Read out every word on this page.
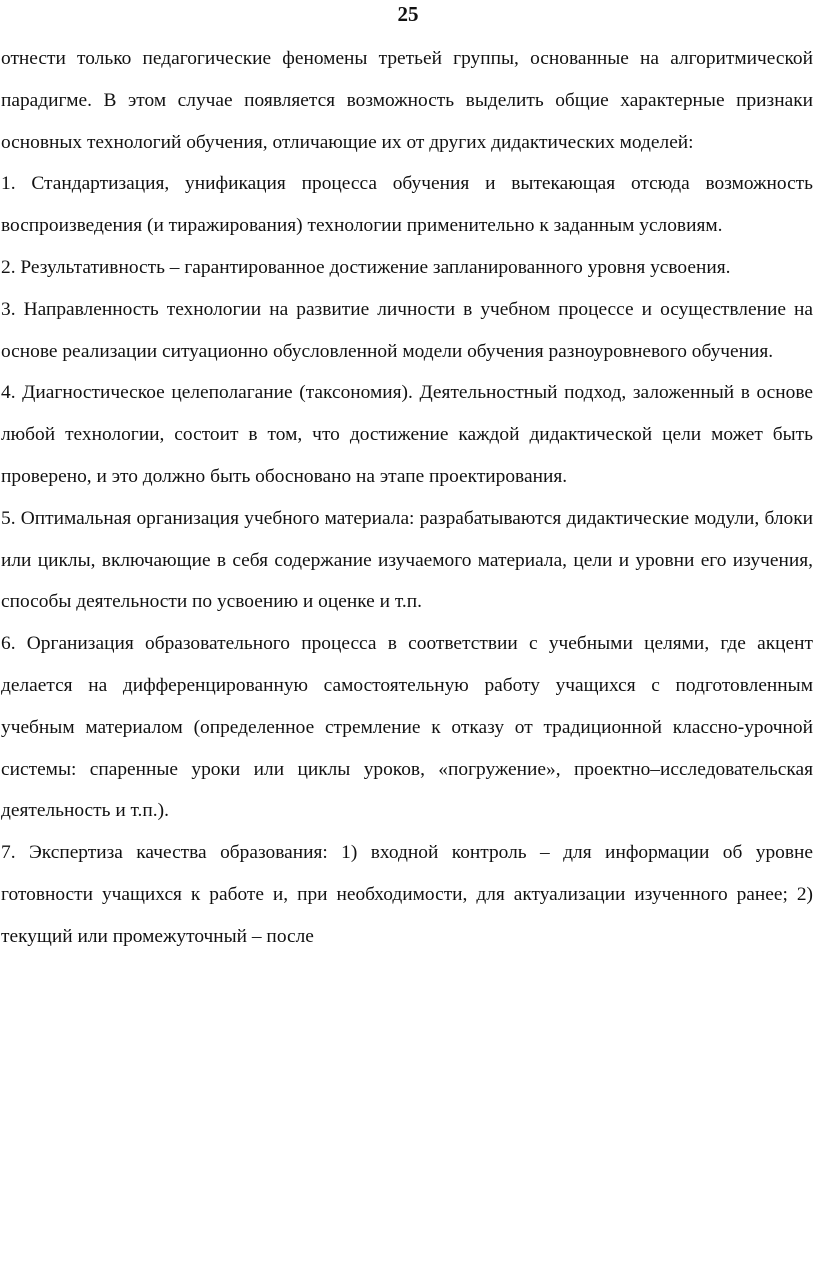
25

отнести только педагогические феномены третьей группы, основанные на алгоритмической парадигме. В этом случае появляется возможность выделить общие характерные признаки основных технологий обучения, отличающие их от других дидактических моделей:

1. Стандартизация, унификация процесса обучения и вытекающая отсюда возможность воспроизведения (и тиражирования) технологии применительно к заданным условиям.

2. Результативность – гарантированное достижение запланированного уровня усвоения.

3. Направленность технологии на развитие личности в учебном процессе и осуществление на основе реализации ситуационно обусловленной модели обучения разноуровневого обучения.

4. Диагностическое целеполагание (таксономия). Деятельностный подход, заложенный в основе любой технологии, состоит в том, что достижение каждой дидактической цели может быть проверено, и это должно быть обосновано на этапе проектирования.

5. Оптимальная организация учебного материала: разрабатываются дидактические модули, блоки или циклы, включающие в себя содержание изучаемого материала, цели и уровни его изучения, способы деятельности по усвоению и оценке и т.п.

6. Организация образовательного процесса в соответствии с учебными целями, где акцент делается на дифференцированную самостоятельную работу учащихся с подготовленным учебным материалом (определенное стремление к отказу от традиционной классно-урочной системы: спаренные уроки или циклы уроков, «погружение», проектно–исследовательская деятельность и т.п.).

7. Экспертиза качества образования: 1) входной контроль – для информации об уровне готовности учащихся к работе и, при необходимости, для актуализации изученного ранее; 2) текущий или промежуточный – после
